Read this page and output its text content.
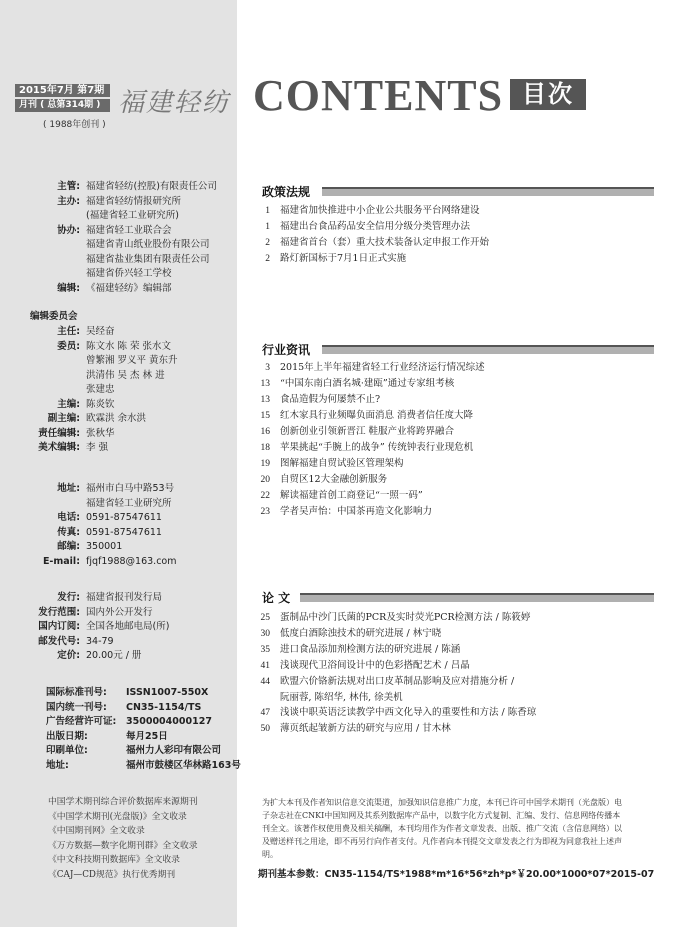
2015年7月 第7期
月刊 ( 总第314期 )
( 1988年创刊 )
福建轻纺 CONTENTS 目次
主管: 福建省轻纺(控股)有限责任公司
主办: 福建省轻纺情报研究所
(福建省轻工业研究所)
协办: 福建省轻工业联合会
福建省青山纸业股份有限公司
福建省盐业集团有限责任公司
福建省侨兴轻工学校
编辑: 《福建轻纺》编辑部
编辑委员会
主任: 吴经奋
委员: 陈文水 陈 荣 张水文
曾繁湘 罗义平 黄东升
洪清伟 吴 杰 林 进
张建忠
主编: 陈炎钦
副主编: 欧霖洪 余水洪
责任编辑: 张秋华
美术编辑: 李 强
地址: 福州市白马中路53号
福建省轻工业研究所
电话: 0591-87547611
传真: 0591-87547611
邮编: 350001
E-mail: fjqf1988@163.com
发行: 福建省报刊发行局
发行范围: 国内外公开发行
国内订阅: 全国各地邮电局(所)
邮发代号: 34-79
定价: 20.00元 / 册
国际标准刊号: ISSN1007-550X
国内统一刊号: CN35-1154/TS
广告经营许可证: 3500004000127
出版日期:	每月25日
印刷单位:	福州力人彩印有限公司
地址:	福州市鼓楼区华林路163号
政策法规
1 福建省加快推进中小企业公共服务平台网络建设
1 福建出台食品药品安全信用分级分类管理办法
2 福建省首台（套）重大技术装备认定申报工作开始
2 路灯新国标于7月1日正式实施
行业资讯
3 2015年上半年福建省轻工行业经济运行情况综述
13 “中国东南白酒名城·建瓯”通过专家组考核
13 食品造假为何屡禁不止?
15 红木家具行业频曝负面消息 消费者信任度大降
16 创新创业引领新晋江 鞋服产业将跨界融合
18 苹果挑起“手腕上的战争” 传统钟表行业现危机
19 图解福建自贸试验区管理架构
20 自贸区12大金融创新服务
22 解读福建首创工商登记“一照一码”
23 学者吴声怡：中国茶再造文化影响力
论 文
25 蛋制品中沙门氏菌的PCR及实时荧光PCR检测方法 / 陈筱婷
30 低度白酒除浊技术的研究进展 / 林宁晓
35 进口食品添加剂检测方法的研究进展 / 陈涵
41 浅谈现代卫浴间设计中的色彩搭配艺术 / 吕晶
44 欧盟六价铬新法规对出口皮革制品影响及应对措施分析 /
阮丽蓉, 陈绍华, 林伟, 徐美机
47 浅谈中职英语泛读教学中西文化导入的重要性和方法 / 陈香琼
50 薄页纸起皱新方法的研究与应用 / 甘木林
中国学术期刊综合评价数据库来源期刊
《中国学术期刊(光盘版)》全文收录
《中国期刊网》全文收录
《万方数据—数字化期刊群》全文收录
《中文科技期刊数据库》全文收录
《CAJ—CD规范》执行优秀期刊
为扩大本刊及作者知识信息交流渠道，加强知识信息推广力度，本刊已许可中国学术期刊（光盘版）电子杂志社在CNKI中国知网及其系列数据库产品中，以数字化方式复制、汇编、发行、信息网络传播本刊全文。该著作权使用费及相关稿酬，本刊均用作为作者文章发表、出版、推广交流（含信息网络）以及赠送样刊之用途，即不再另行向作者支付。凡作者向本刊提交文章发表之行为即视为同意我社上述声明。
期刊基本参数：CN35-1154/TS*1988*m*16*56*zh*p*￥20.00*1000*07*2015-07
